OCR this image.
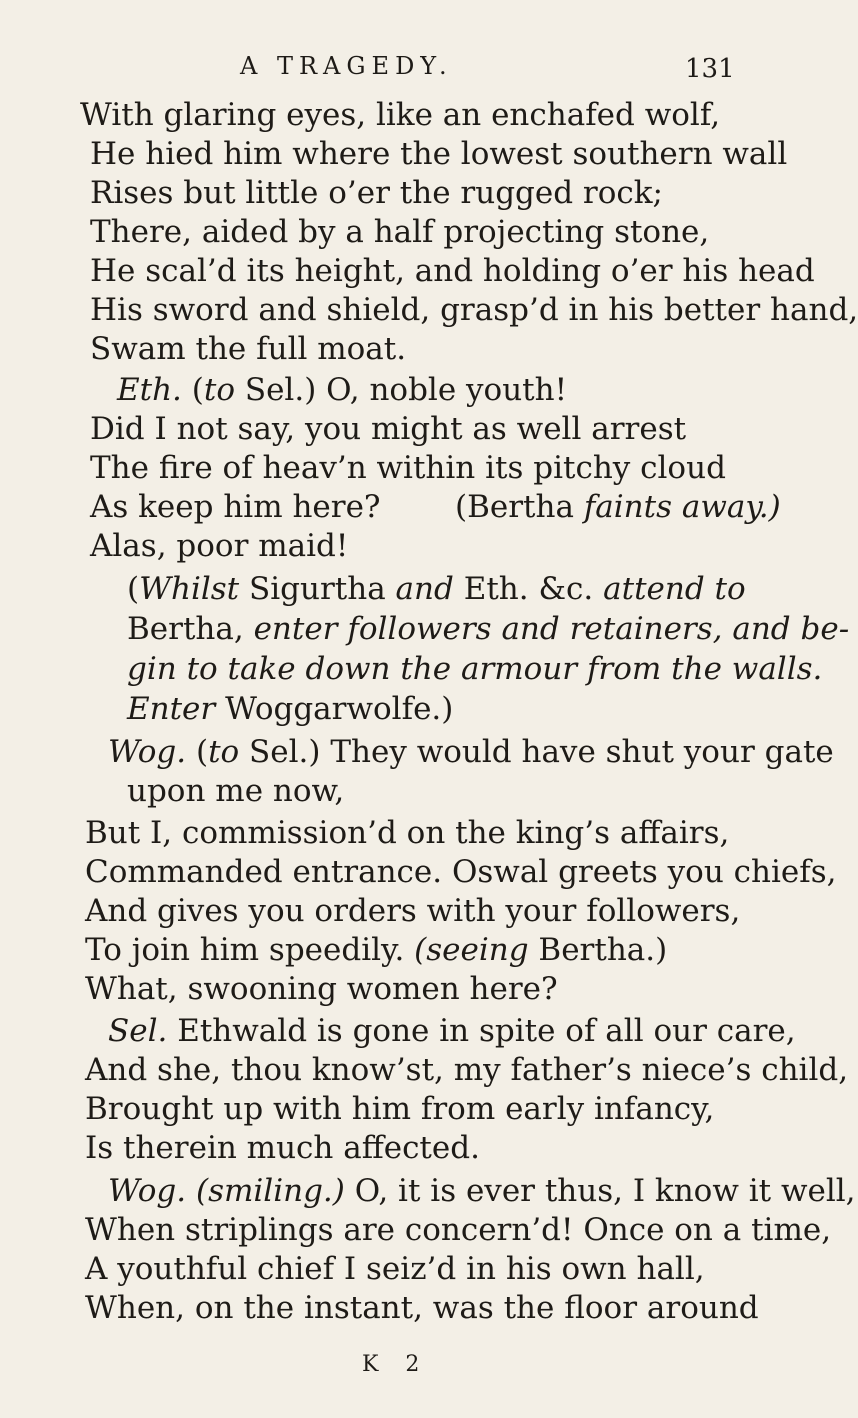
A TRAGEDY.	131
With glaring eyes, like an enchafed wolf,
He hied him where the lowest southern wall
Rises but little o’er the rugged rock;
There, aided by a half projecting stone,
He scal’d its height, and holding o’er his head
His sword and shield, grasp’d in his better hand,
Swam the full moat.
Eth. (to Sel.) O, noble youth!
Did I not say, you might as well arrest
The fire of heav’n within its pitchy cloud
As keep him here?
Alas, poor maid!
(Whilst Sigurtha and Eth. &c. attend to
Bertha, enter followers and retainers, and be-
gin to take down the armour from the walls.
Enter Woggarwolfe.)
Wog. (to Sel.) They would have shut your gate
upon me now,
But I, commission’d on the king’s affairs,
Commanded entrance. Oswal greets you chiefs,
And gives you orders with your followers,
To join him speedily. (seeing Bertha.)
What, swooning women here?
Sel. Ethwald is gone in spite of all our care,
And she, thou know’st, my father’s niece’s child,
Brought up with him from early infancy,
Is therein much affected.
Wog. (smiling.) O, it is ever thus, I know it well,
When striplings are concern’d! Once on a time,
A youthful chief I seiz’d in his own hall,
When, on the instant, was the floor around
(Bertha faints away.)
K 2
